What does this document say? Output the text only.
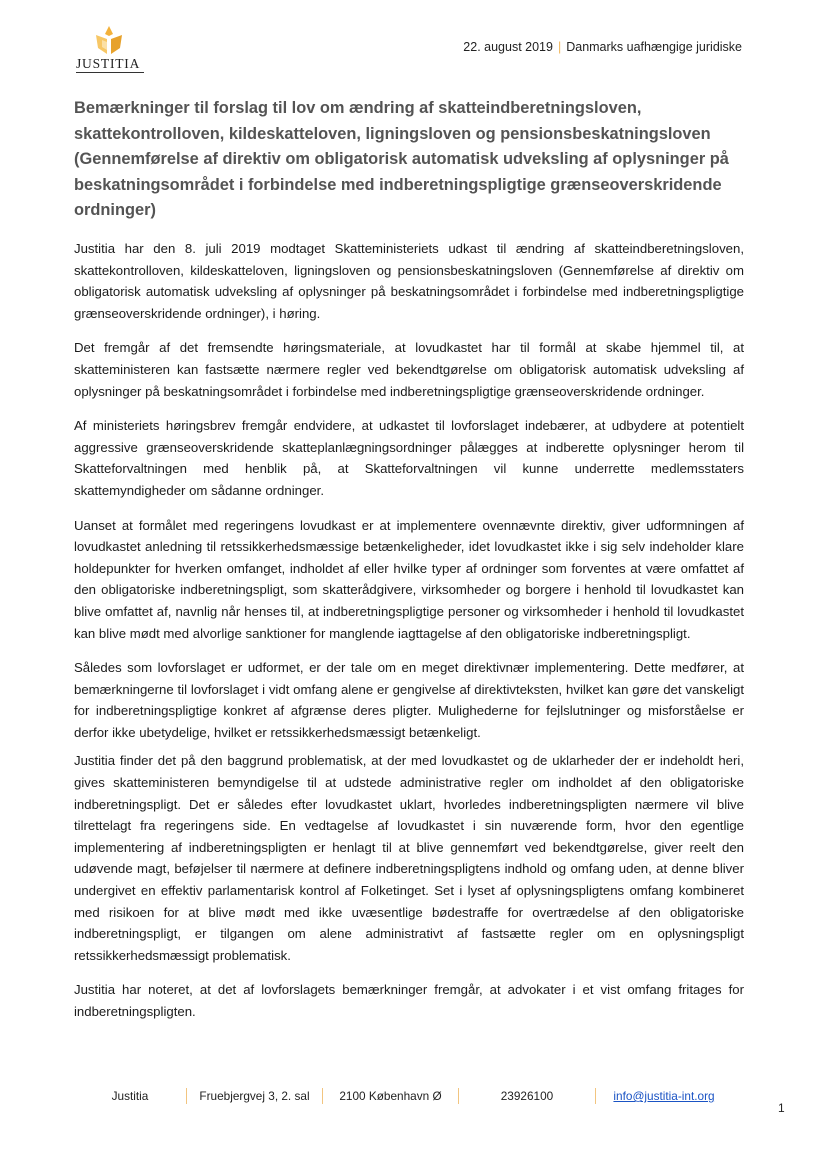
JUSTITIA
22. august 2019 | Danmarks uafhængige juridiske
Bemærkninger til forslag til lov om ændring af skatteindberetningsloven, skattekontrolloven, kildeskatteloven, ligningsloven og pensionsbeskatningsloven (Gennemførelse af direktiv om obligatorisk automatisk udveksling af oplysninger på beskatningsområdet i forbindelse med indberetningspligtige grænseoverskridende ordninger)

Justitia har den 8. juli 2019 modtaget Skatteministeriets udkast til ændring af skatteindberetningsloven, skattekontrolloven, kildeskatteloven, ligningsloven og pensionsbeskatningsloven (Gennemførelse af direktiv om obligatorisk automatisk udveksling af oplysninger på beskatningsområdet i forbindelse med indberetningspligtige grænseoverskridende ordninger), i høring.

Det fremgår af det fremsendte høringsmateriale, at lovudkastet har til formål at skabe hjemmel til, at skatteministeren kan fastsætte nærmere regler ved bekendtgørelse om obligatorisk automatisk udveksling af oplysninger på beskatningsområdet i forbindelse med indberetningspligtige grænseoverskridende ordninger.

Af ministeriets høringsbrev fremgår endvidere, at udkastet til lovforslaget indebærer, at udbydere at potentielt aggressive grænseoverskridende skatteplanlægningsordninger pålægges at indberette oplysninger herom til Skatteforvaltningen med henblik på, at Skatteforvaltningen vil kunne underrette medlemsstaters skattemyndigheder om sådanne ordninger.

Uanset at formålet med regeringens lovudkast er at implementere ovennævnte direktiv, giver udformningen af lovudkastet anledning til retssikkerhedsmæssige betænkeligheder, idet lovudkastet ikke i sig selv indeholder klare holdepunkter for hverken omfanget, indholdet af eller hvilke typer af ordninger som forventes at være omfattet af den obligatoriske indberetningspligt, som skatterådgivere, virksomheder og borgere i henhold til lovudkastet kan blive omfattet af, navnlig når henses til, at indberetningspligtige personer og virksomheder i henhold til lovudkastet kan blive mødt med alvorlige sanktioner for manglende iagttagelse af den obligatoriske indberetningspligt.

Således som lovforslaget er udformet, er der tale om en meget direktivnær implementering. Dette medfører, at bemærkningerne til lovforslaget i vidt omfang alene er gengivelse af direktivteksten, hvilket kan gøre det vanskeligt for indberetningspligtige konkret af afgrænse deres pligter. Mulighederne for fejlslutninger og misforståelse er derfor ikke ubetydelige, hvilket er retssikkerhedsmæssigt betænkeligt.

Justitia finder det på den baggrund problematisk, at der med lovudkastet og de uklarheder der er indeholdt heri, gives skatteministeren bemyndigelse til at udstede administrative regler om indholdet af den obligatoriske indberetningspligt. Det er således efter lovudkastet uklart, hvorledes indberetningspligten nærmere vil blive tilrettelagt fra regeringens side. En vedtagelse af lovudkastet i sin nuværende form, hvor den egentlige implementering af indberetningspligten er henlagt til at blive gennemført ved bekendtgørelse, giver reelt den udøvende magt, beføjelser til nærmere at definere indberetningspligtens indhold og omfang uden, at denne bliver undergivet en effektiv parlamentarisk kontrol af Folketinget. Set i lyset af oplysningspligtens omfang kombineret med risikoen for at blive mødt med ikke uvæsentlige bødestraffe for overtrædelse af den obligatoriske indberetningspligt, er tilgangen om alene administrativt af fastsætte regler om en oplysningspligt retssikkerhedsmæssigt problematisk.

Justitia har noteret, at det af lovforslagets bemærkninger fremgår, at advokater i et vist omfang fritages for indberetningspligten.

Justitia	Fruebjergvej 3, 2. sal	2100 København Ø	23926100	info@justitia-int.org
1
